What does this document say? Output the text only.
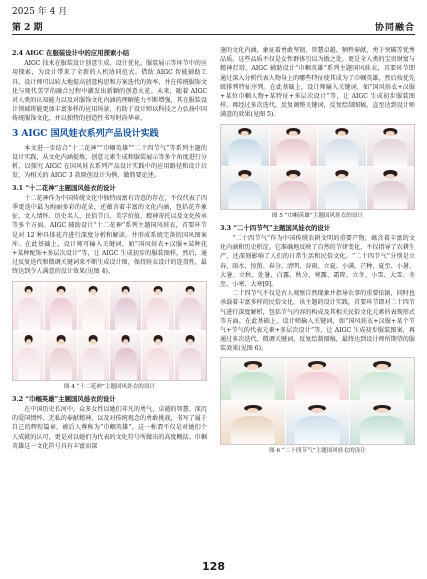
2025 年 4 月
第 2 期	协同融合
2.4 AIGC 在服装设计中的应用探索小结

AIGC 技术在服装设计创意生成、设计优化、服装展示等环节中的应用探索，为设计带来了全新的人机协同范式。借助 AIGC 智能辅助工具，设计师可以较大地提高创意构思和方案迭代的效率，并在传统服饰文化与现代美学的融合过程中激发出新颖的创意火花。未来，随着 AIGC 对人类的认知能力以及对服饰文化内涵的理解能力不断增强，其在服装设计领域将能更加丰富多样的应用场景，有助于设计师以科技之力弘扬中国传统服饰文化，并以独特的创造性书写时尚华章。

3 AIGC 国风娃衣系列产品设计实践

本文进一步结合“十二花神”“巾帼英雄”“二十四节气”等系列主题的设计实践，从文化内涵提炼、创意元素生成和服装展示等多个角度进行分析，以探究 AIGC 在国风娃衣系列产品设计实践中的应用路径和设计启发，为相关的 AIGC 3 款原创设计为例，做简要论述。

3.1 “十二花神”主题国风娃衣的设计

十二花神作为中国传统文化中独特而富有诗意的存在，不仅代表了四季更迭中最为绚丽多彩的花朵，还蕴含着丰富的文化内涵，包括花卉象征、文人情怀、历史名人、民俗节日、美学价值、精神寄托以及文化传承等多个方面。AIGC 辅助设计“十二花神”系列主题国风娃衣，首要环节是对 12 种具体花卉进行深度分析和解读，并形成系统完备的国风图案库。在此基础上，设计师可输入关键词，如“国风娃衣+汉服+某种花+某种配饰+多层次设计”等，让 AIGC 生成初步的服装图样。然后，通过反复迭代和微调关键词来不断生成设计图，保持娃衣设计的连贯性，最终达到令人满意的设计效果(见图 4)。

图 4 “十二花神”主题国风娃衣的设计
3.2 “巾帼英雄”主题国风娃衣的设计

在中国历史长河中，众多女性以她们非凡的勇气、卓越的智慧、深沉的爱国情怀、无私的奉献精神，以及对传统观念的勇敢挑战，书写了属于自己的辉煌篇章，被后人尊称为“巾帼英雄”。这一称谓不仅是对她们个人成就的认可，更是对以她们为代表的文化符号所做出的高度概括。巾帼英雄这一文化符号具有丰富而深

邃的文化内涵，象征着勇敢坚韧、智慧卓越、牺牲奉献、勇于突破等优秀品质。这些品质不仅是女性群体引以为傲之处，更是全人类的宝贵财富与精神灯塔。AIGC 辅助设计“巾帼英雄”系列主题国风娃衣，首要环节即通过深入分析代表人物身上的哪些特征使其成为了巾帼英雄，然后按优先级排列特征序列。在此基础上，设计师输入关键词，如“国风娃衣+汉服+某位巾帼人物+某特征+多层次设计”等，让 AIGC 生成初步服装图样，再经过多次迭代、反复调整关键词，反复绘制图稿，直至达到设计师满意的效果(见图 5)。

图 5 “巾帼英雄”主题国风娃衣的设计
3.3 “二十四节气”主题国风娃衣的设计

“二十四节气”作为中国传统农耕文明的重要产物，蕴含着丰富的文化内涵和历史积淀。它准确地反映了自然的节律变化，不仅指导了农耕生产，还深刻影响了人们的日常生活和民俗文化。“二十四节气”分别是立春、雨水、惊蛰、春分、清明、谷雨、立夏、小满、芒种、夏至、小暑、大暑、立秋、处暑、白露、秋分、寒露、霜降、立冬、小雪、大雪、冬至、小寒、大寒[9]。

二十四节气不仅是古人观察自然现象并指导农事的重要依据，同时也承载着丰富多样的民俗文化。该主题的设计实践，首要环节即对二十四节气进行深度解析，包括节气内容的构成及其相关民俗文化元素的表现形式等方面。在此基础上，设计师输入关键词，如“国风娃衣+汉服+某个节气+节气的代表元素+多层次设计”等，让 AIGC 生成初步服装图案，再通过多次迭代、微调关键词、反复绘制图稿，最终达到设计师所期望的服装效果(见图 6)。

图 6 “二十四节气”主题国风娃衣的设计
128
